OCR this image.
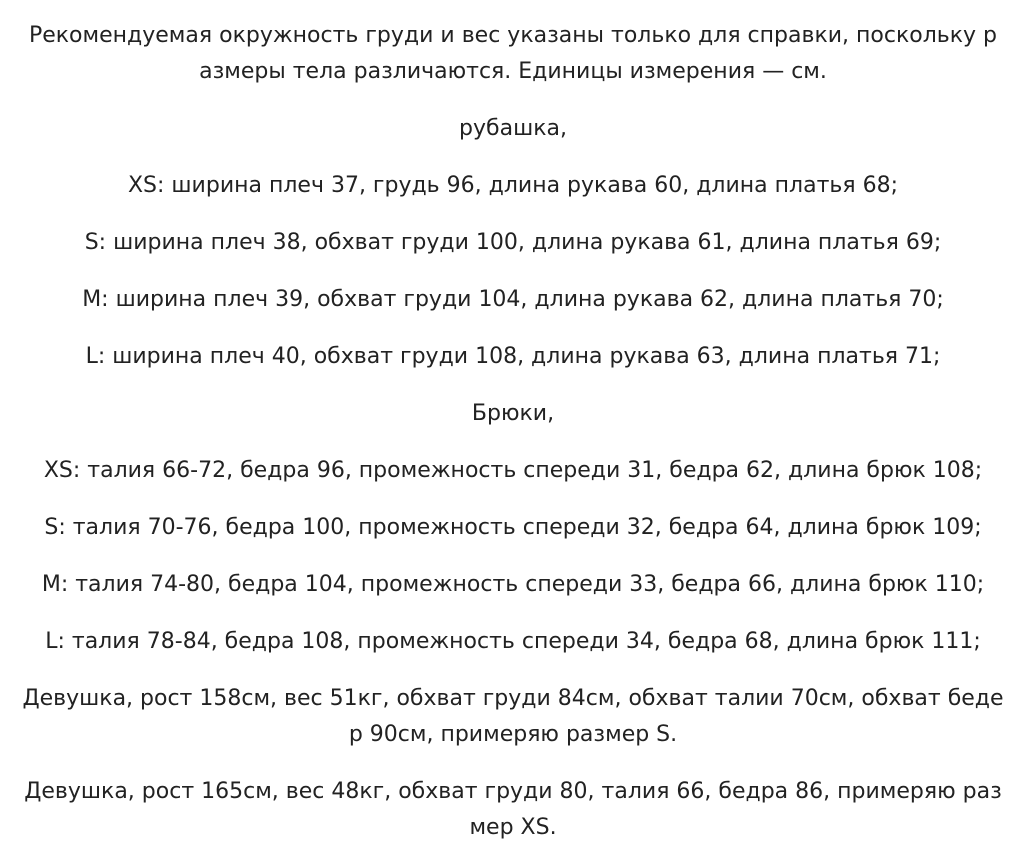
Рекомендуемая окружность груди и вес указаны только для справки, поскольку р азмеры тела различаются. Единицы измерения — см.

рубашка,

XS: ширина плеч 37, грудь 96, длина рукава 60, длина платья 68;

S: ширина плеч 38, обхват груди 100, длина рукава 61, длина платья 69;

M: ширина плеч 39, обхват груди 104, длина рукава 62, длина платья 70;

L: ширина плеч 40, обхват груди 108, длина рукава 63, длина платья 71;

Брюки,

XS: талия 66-72, бедра 96, промежность спереди 31, бедра 62, длина брюк 108;

S: талия 70-76, бедра 100, промежность спереди 32, бедра 64, длина брюк 109;

M: талия 74-80, бедра 104, промежность спереди 33, бедра 66, длина брюк 110;

L: талия 78-84, бедра 108, промежность спереди 34, бедра 68, длина брюк 111;

Девушка, рост 158см, вес 51кг, обхват груди 84см, обхват талии 70см, обхват беде р 90см, примеряю размер S.

Девушка, рост 165см, вес 48кг, обхват груди 80, талия 66, бедра 86, примеряю раз мер XS.
